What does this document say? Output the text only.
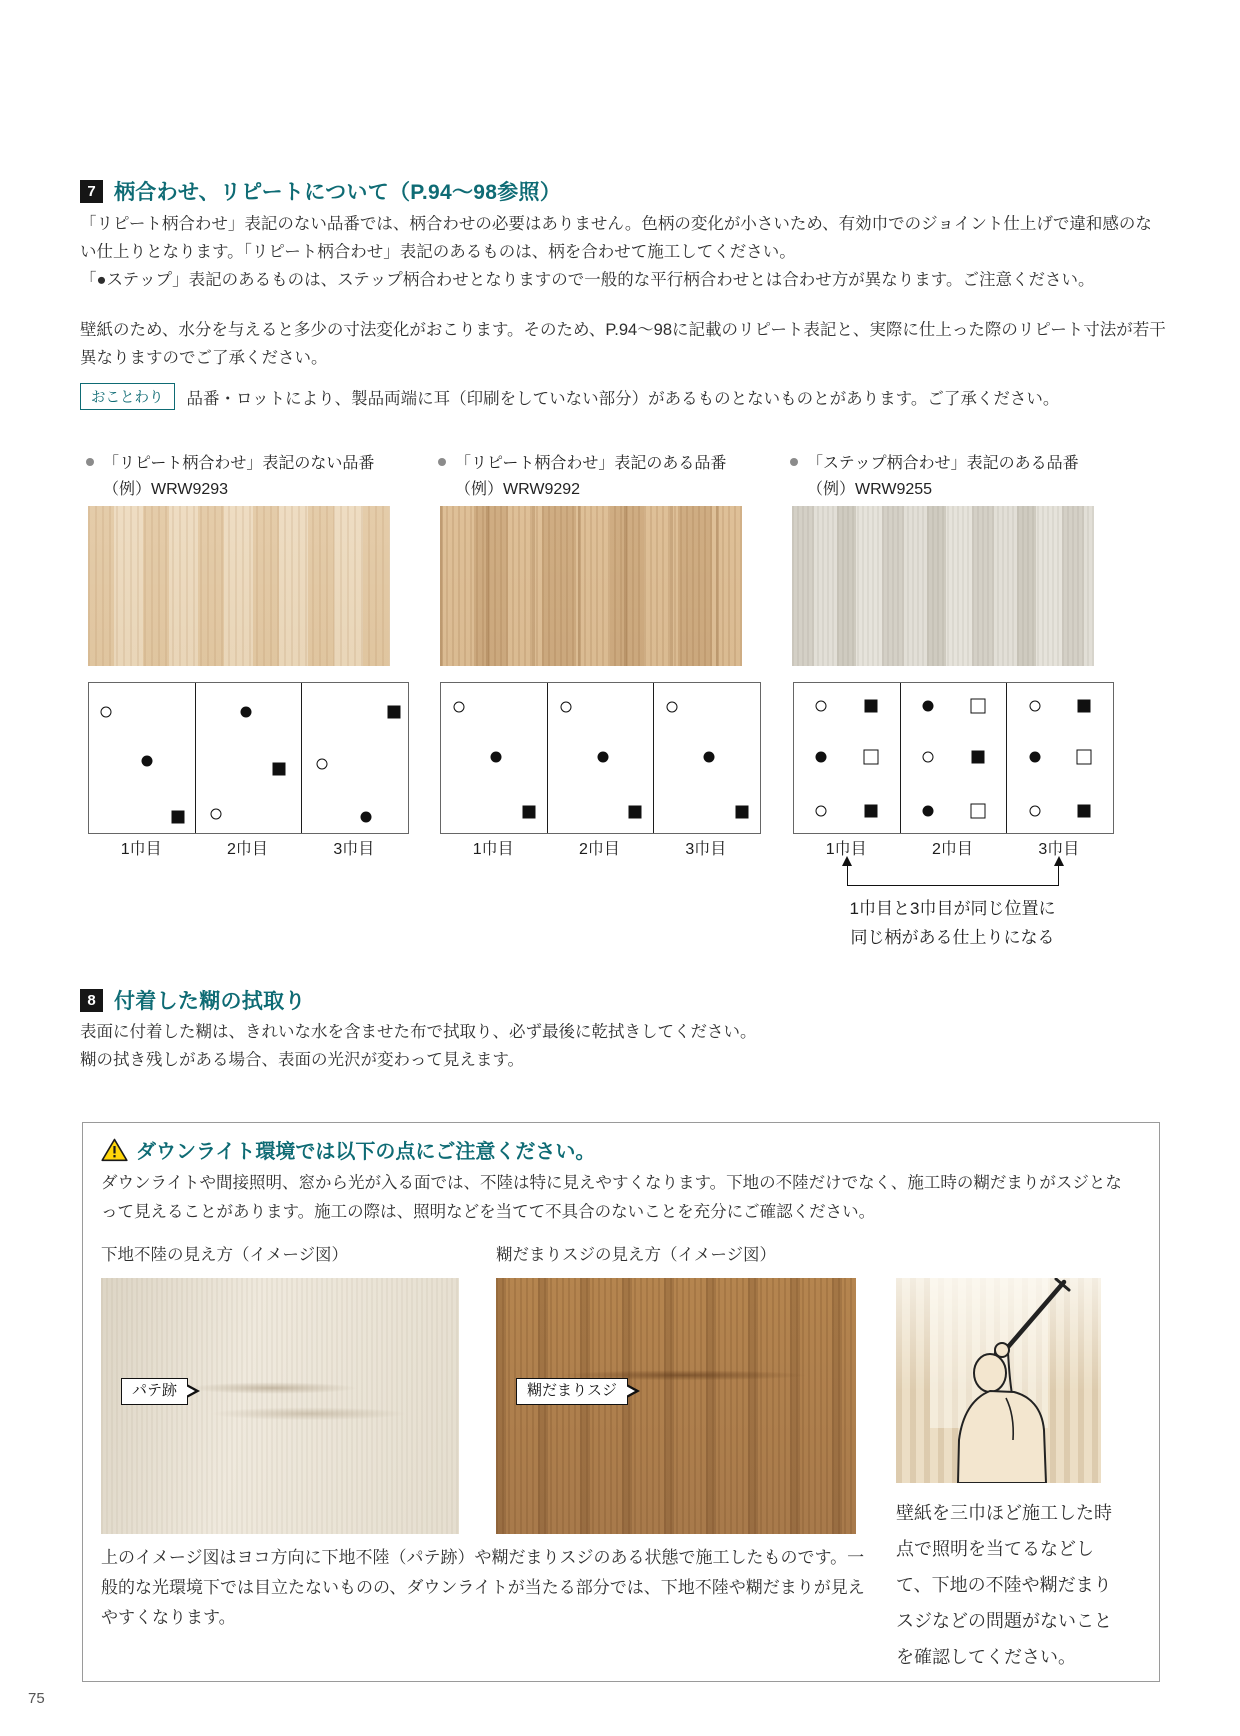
7 柄合わせ、リピートについて（P.94～98参照）
「リピート柄合わせ」表記のない品番では、柄合わせの必要はありません。色柄の変化が小さいため、有効巾でのジョイント仕上げで違和感のない仕上りとなります。「リピート柄合わせ」表記のあるものは、柄を合わせて施工してください。
「●ステップ」表記のあるものは、ステップ柄合わせとなりますので一般的な平行柄合わせとは合わせ方が異なります。ご注意ください。
壁紙のため、水分を与えると多少の寸法変化がおこります。そのため、P.94～98に記載のリピート表記と、実際に仕上った際のリピート寸法が若干異なりますのでご了承ください。
おことわり	品番・ロットにより、製品両端に耳（印刷をしていない部分）があるものとないものとがあります。ご了承ください。
「リピート柄合わせ」表記のない品番
（例）WRW9293
1巾目	2巾目	3巾目
「リピート柄合わせ」表記のある品番
（例）WRW9292
1巾目	2巾目	3巾目
「ステップ柄合わせ」表記のある品番
（例）WRW9255
1巾目	2巾目	3巾目
1巾目と3巾目が同じ位置に
同じ柄がある仕上りになる
8 付着した糊の拭取り
表面に付着した糊は、きれいな水を含ませた布で拭取り、必ず最後に乾拭きしてください。
糊の拭き残しがある場合、表面の光沢が変わって見えます。
ダウンライト環境では以下の点にご注意ください。
ダウンライトや間接照明、窓から光が入る面では、不陸は特に見えやすくなります。下地の不陸だけでなく、施工時の糊だまりがスジとなって見えることがあります。施工の際は、照明などを当てて不具合のないことを充分にご確認ください。
下地不陸の見え方（イメージ図）	糊だまりスジの見え方（イメージ図）
パテ跡	糊だまりスジ
上のイメージ図はヨコ方向に下地不陸（パテ跡）や糊だまりスジのある状態で施工したものです。一般的な光環境下では目立たないものの、ダウンライトが当たる部分では、下地不陸や糊だまりが見えやすくなります。
壁紙を三巾ほど施工した時点で照明を当てるなどして、下地の不陸や糊だまりスジなどの問題がないことを確認してください。
75
